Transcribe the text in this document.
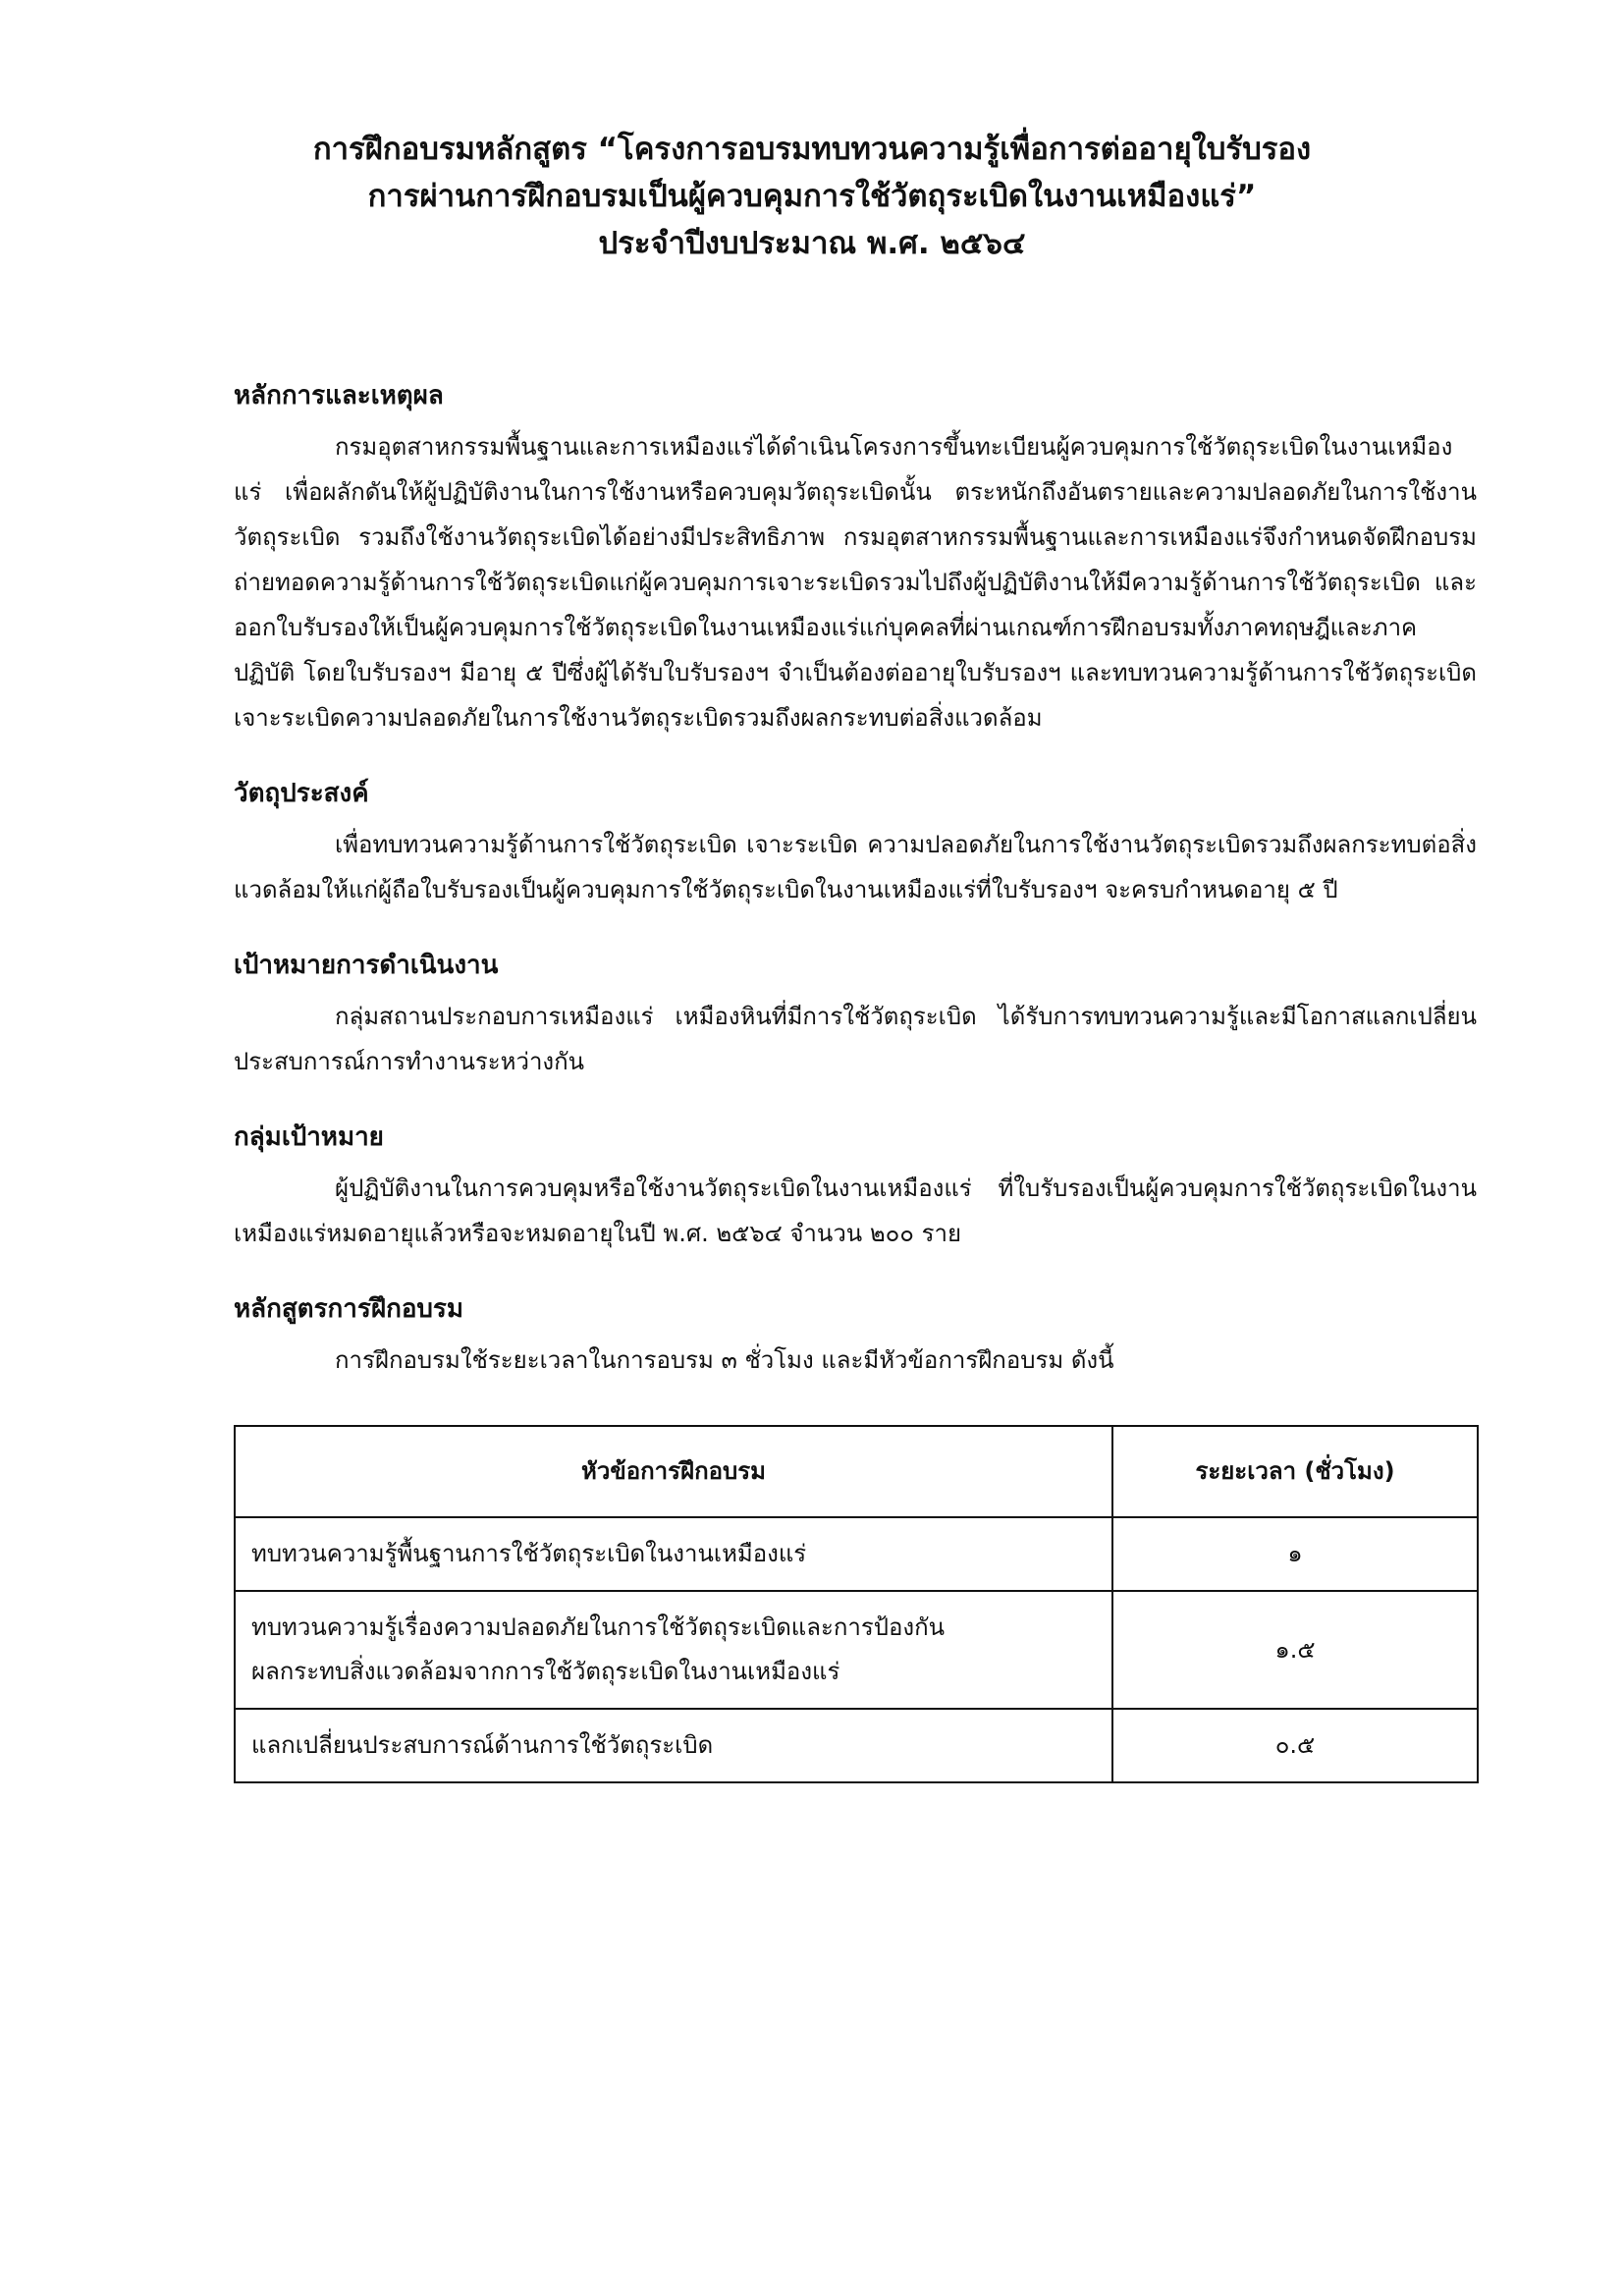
การฝึกอบรมหลักสูตร “โครงการอบรมทบทวนความรู้เพื่อการต่ออายุใบรับรอง
การผ่านการฝึกอบรมเป็นผู้ควบคุมการใช้วัตถุระเบิดในงานเหมืองแร่”
ประจำปีงบประมาณ พ.ศ. ๒๕๖๔
หลักการและเหตุผล

กรมอุตสาหกรรมพื้นฐานและการเหมืองแร่ได้ดำเนินโครงการขึ้นทะเบียนผู้ควบคุมการใช้วัตถุระเบิดในงานเหมืองแร่ เพื่อผลักดันให้ผู้ปฏิบัติงานในการใช้งานหรือควบคุมวัตถุระเบิดนั้น ตระหนักถึงอันตรายและความปลอดภัยในการใช้งานวัตถุระเบิด รวมถึงใช้งานวัตถุระเบิดได้อย่างมีประสิทธิภาพ กรมอุตสาหกรรมพื้นฐานและการเหมืองแร่จึงกำหนดจัดฝึกอบรมถ่ายทอดความรู้ด้านการใช้วัตถุระเบิดแก่ผู้ควบคุมการเจาะระเบิดรวมไปถึงผู้ปฏิบัติงานให้มีความรู้ด้านการใช้วัตถุระเบิด และออกใบรับรองให้เป็นผู้ควบคุมการใช้วัตถุระเบิดในงานเหมืองแร่แก่บุคคลที่ผ่านเกณฑ์การฝึกอบรมทั้งภาคทฤษฎีและภาคปฏิบัติ โดยใบรับรองฯ มีอายุ ๕ ปีซึ่งผู้ได้รับใบรับรองฯ จำเป็นต้องต่ออายุใบรับรองฯ และทบทวนความรู้ด้านการใช้วัตถุระเบิด เจาะระเบิดความปลอดภัยในการใช้งานวัตถุระเบิดรวมถึงผลกระทบต่อสิ่งแวดล้อม

วัตถุประสงค์

เพื่อทบทวนความรู้ด้านการใช้วัตถุระเบิด เจาะระเบิด ความปลอดภัยในการใช้งานวัตถุระเบิดรวมถึงผลกระทบต่อสิ่งแวดล้อมให้แก่ผู้ถือใบรับรองเป็นผู้ควบคุมการใช้วัตถุระเบิดในงานเหมืองแร่ที่ใบรับรองฯ จะครบกำหนดอายุ ๕ ปี

เป้าหมายการดำเนินงาน

กลุ่มสถานประกอบการเหมืองแร่ เหมืองหินที่มีการใช้วัตถุระเบิด ได้รับการทบทวนความรู้และมีโอกาสแลกเปลี่ยนประสบการณ์การทำงานระหว่างกัน

กลุ่มเป้าหมาย

ผู้ปฏิบัติงานในการควบคุมหรือใช้งานวัตถุระเบิดในงานเหมืองแร่ ที่ใบรับรองเป็นผู้ควบคุมการใช้วัตถุระเบิดในงานเหมืองแร่หมดอายุแล้วหรือจะหมดอายุในปี พ.ศ. ๒๕๖๔ จำนวน ๒๐๐ ราย

หลักสูตรการฝึกอบรม

การฝึกอบรมใช้ระยะเวลาในการอบรม ๓ ชั่วโมง และมีหัวข้อการฝึกอบรม ดังนี้

หัวข้อการฝึกอบรม	ระยะเวลา (ชั่วโมง)

ทบทวนความรู้พื้นฐานการใช้วัตถุระเบิดในงานเหมืองแร่	๑

ทบทวนความรู้เรื่องความปลอดภัยในการใช้วัตถุระเบิดและการป้องกัน
ผลกระทบสิ่งแวดล้อมจากการใช้วัตถุระเบิดในงานเหมืองแร่	๑.๕

แลกเปลี่ยนประสบการณ์ด้านการใช้วัตถุระเบิด	๐.๕
